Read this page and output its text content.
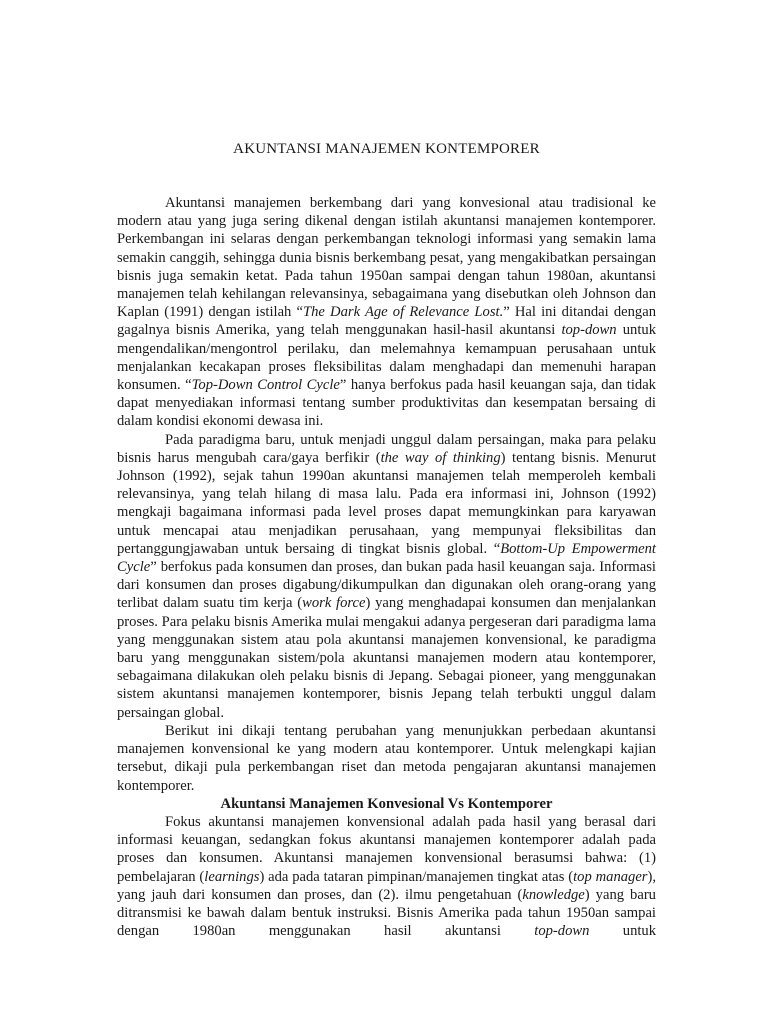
AKUNTANSI MANAJEMEN KONTEMPORER

Akuntansi manajemen berkembang dari yang konvesional atau tradisional ke modern atau yang juga sering dikenal dengan istilah akuntansi manajemen kontemporer. Perkembangan ini selaras dengan perkembangan teknologi informasi yang semakin lama semakin canggih, sehingga dunia bisnis berkembang pesat, yang mengakibatkan persaingan bisnis juga semakin ketat. Pada tahun 1950an sampai dengan tahun 1980an, akuntansi manajemen telah kehilangan relevansinya, sebagaimana yang disebutkan oleh Johnson dan Kaplan (1991) dengan istilah “The Dark Age of Relevance Lost.” Hal ini ditandai dengan gagalnya bisnis Amerika, yang telah menggunakan hasil-hasil akuntansi top-down untuk mengendalikan/mengontrol perilaku, dan melemahnya kemampuan perusahaan untuk menjalankan kecakapan proses fleksibilitas dalam menghadapi dan memenuhi harapan konsumen. “Top-Down Control Cycle” hanya berfokus pada hasil keuangan saja, dan tidak dapat menyediakan informasi tentang sumber produktivitas dan kesempatan bersaing di dalam kondisi ekonomi dewasa ini.

Pada paradigma baru, untuk menjadi unggul dalam persaingan, maka para pelaku bisnis harus mengubah cara/gaya berfikir (the way of thinking) tentang bisnis. Menurut Johnson (1992), sejak tahun 1990an akuntansi manajemen telah memperoleh kembali relevansinya, yang telah hilang di masa lalu. Pada era informasi ini, Johnson (1992) mengkaji bagaimana informasi pada level proses dapat memungkinkan para karyawan untuk mencapai atau menjadikan perusahaan, yang mempunyai fleksibilitas dan pertanggungjawaban untuk bersaing di tingkat bisnis global. “Bottom-Up Empowerment Cycle” berfokus pada konsumen dan proses, dan bukan pada hasil keuangan saja. Informasi dari konsumen dan proses digabung/dikumpulkan dan digunakan oleh orang-orang yang terlibat dalam suatu tim kerja (work force) yang menghadapai konsumen dan menjalankan proses. Para pelaku bisnis Amerika mulai mengakui adanya pergeseran dari paradigma lama yang menggunakan sistem atau pola akuntansi manajemen konvensional, ke paradigma baru yang menggunakan sistem/pola akuntansi manajemen modern atau kontemporer, sebagaimana dilakukan oleh pelaku bisnis di Jepang. Sebagai pioneer, yang menggunakan sistem akuntansi manajemen kontemporer, bisnis Jepang telah terbukti unggul dalam persaingan global.

Berikut ini dikaji tentang perubahan yang menunjukkan perbedaan akuntansi manajemen konvensional ke yang modern atau kontemporer. Untuk melengkapi kajian tersebut, dikaji pula perkembangan riset dan metoda pengajaran akuntansi manajemen kontemporer.

Akuntansi Manajemen Konvesional Vs Kontemporer

Fokus akuntansi manajemen konvensional adalah pada hasil yang berasal dari informasi keuangan, sedangkan fokus akuntansi manajemen kontemporer adalah pada proses dan konsumen. Akuntansi manajemen konvensional berasumsi bahwa: (1) pembelajaran (learnings) ada pada tataran pimpinan/manajemen tingkat atas (top manager), yang jauh dari konsumen dan proses, dan (2). ilmu pengetahuan (knowledge) yang baru ditransmisi ke bawah dalam bentuk instruksi. Bisnis Amerika pada tahun 1950an sampai dengan 1980an menggunakan hasil akuntansi top-down untuk
